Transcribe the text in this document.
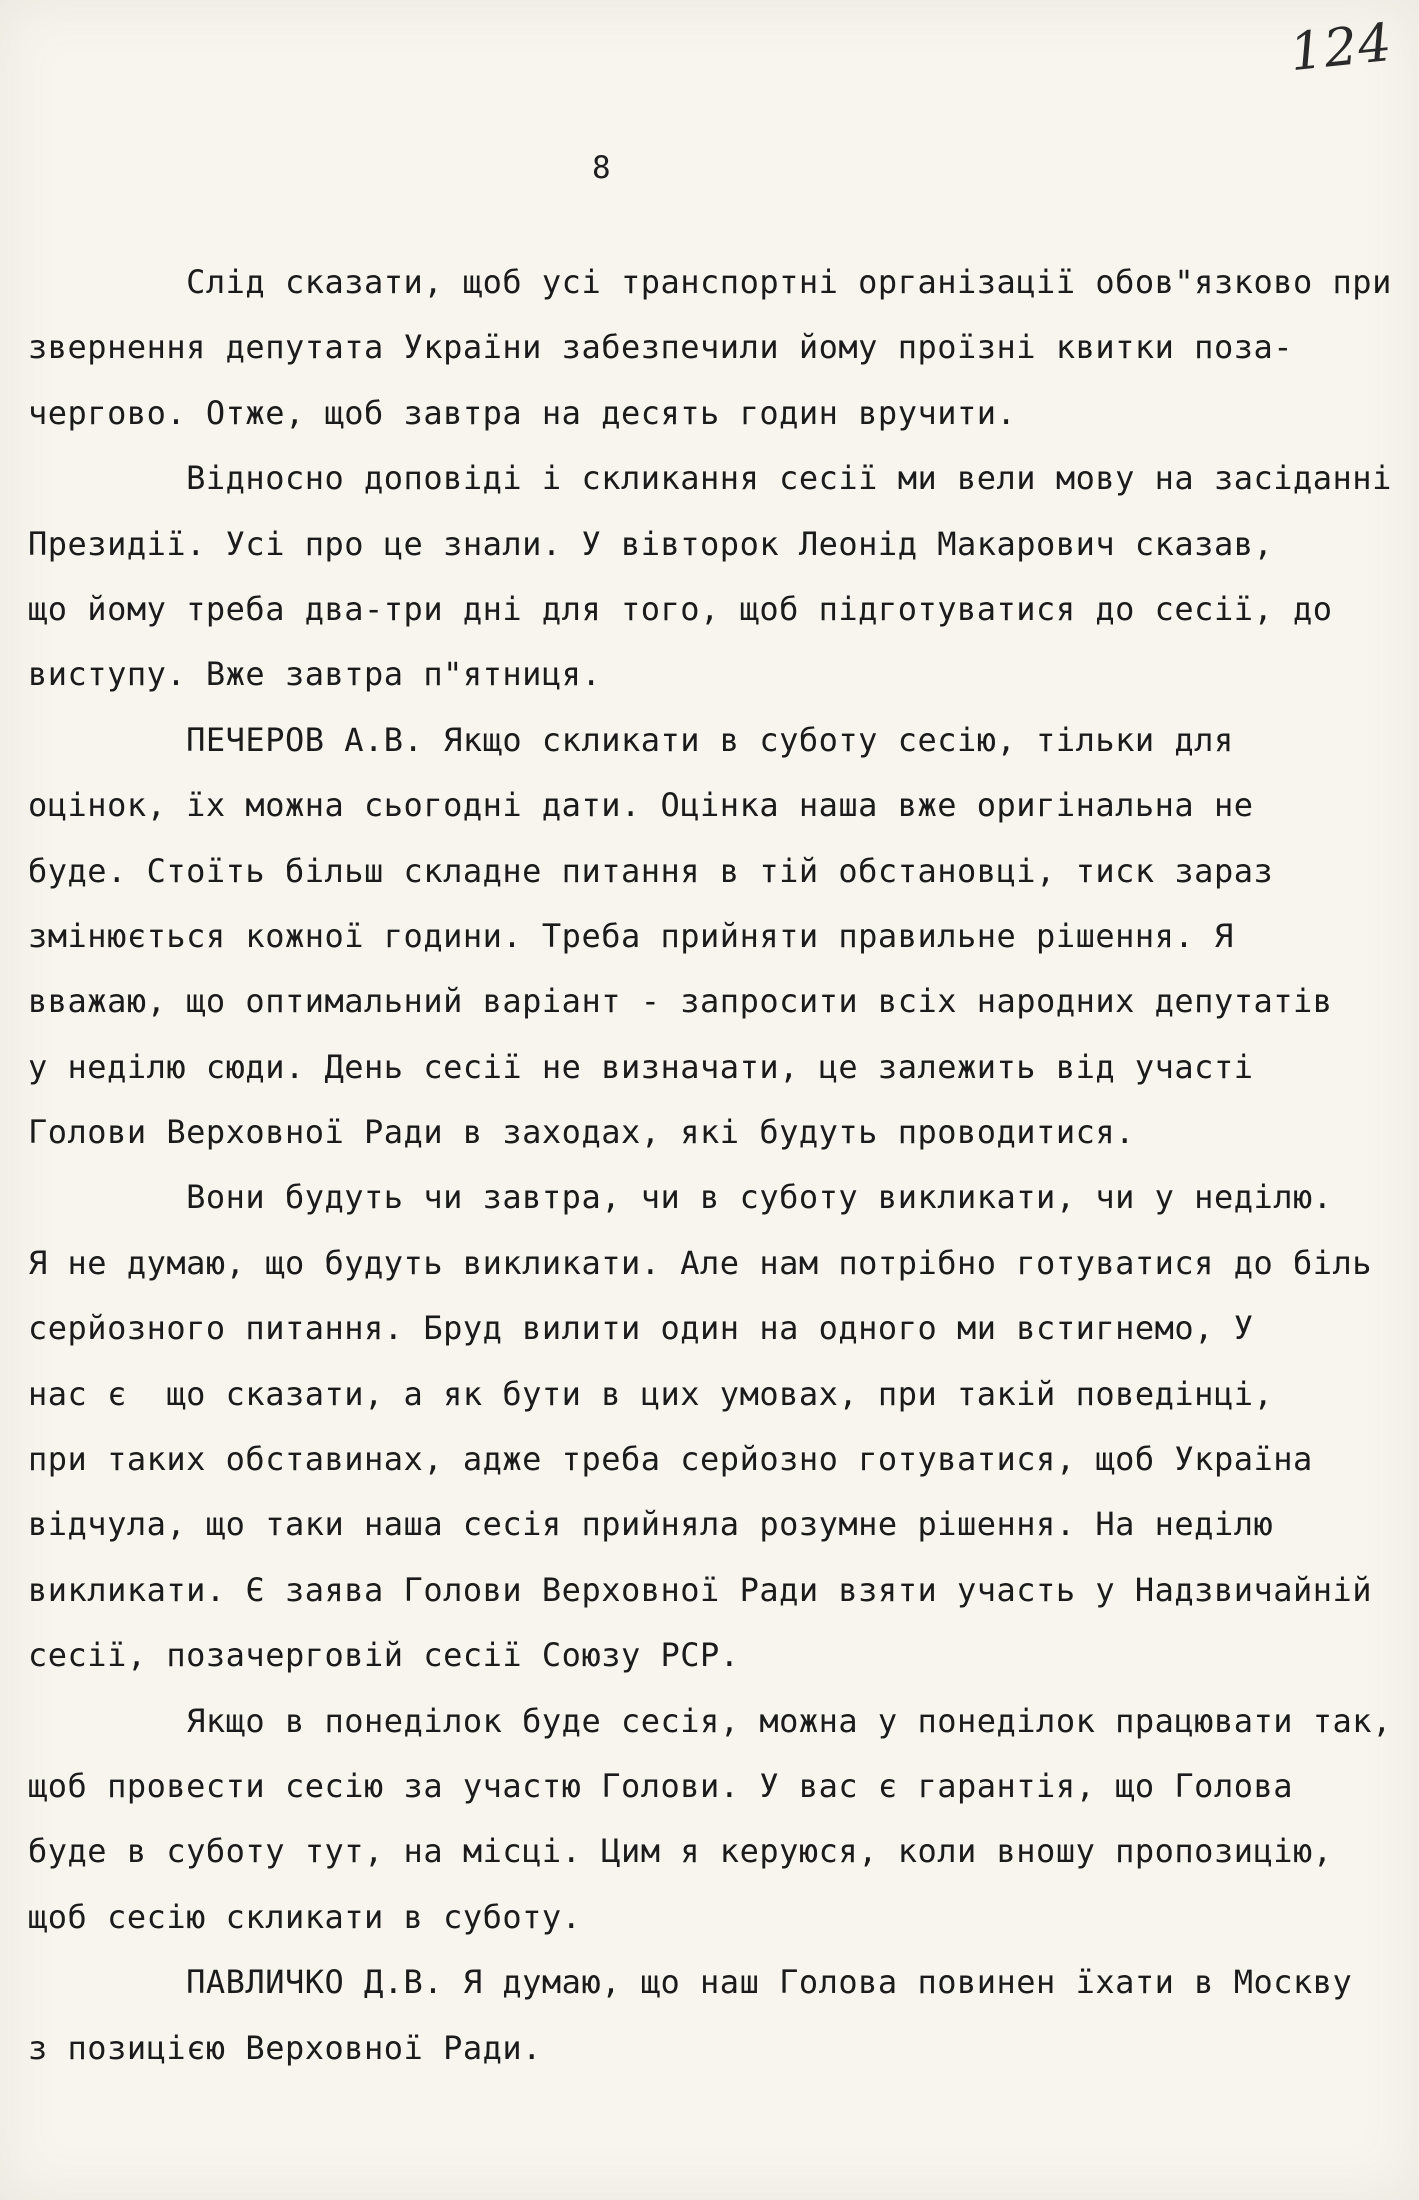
124
8
Слід сказати, щоб усі транспортні організації обов"язково при
звернення депутата України забезпечили йому проїзні квитки поза-
чергово. Отже, щоб завтра на десять годин вручити.
Відносно доповіді і скликання сесії ми вели мову на засіданні
Президії. Усі про це знали. У вівторок Леонід Макарович сказав,
що йому треба два-три дні для того, щоб підготуватися до сесії, до
виступу. Вже завтра п"ятниця.
ПЕЧЕРОВ А.В. Якщо скликати в суботу сесію, тільки для
оцінок, їх можна сьогодні дати. Оцінка наша вже оригінальна не
буде. Стоїть більш складне питання в тій обстановці, тиск зараз
змінюється кожної години. Треба прийняти правильне рішення. Я
вважаю, що оптимальний варіант - запросити всіх народних депутатів
у неділю сюди. День сесії не визначати, це залежить від участі
Голови Верховної Ради в заходах, які будуть проводитися.
Вони будуть чи завтра, чи в суботу викликати, чи у неділю.
Я не думаю, що будуть викликати. Але нам потрібно готуватися до біль
серйозного питання. Бруд вилити один на одного ми встигнемо, У
нас є  що сказати, а як бути в цих умовах, при такій поведінці,
при таких обставинах, адже треба серйозно готуватися, щоб Україна
відчула, що таки наша сесія прийняла розумне рішення. На неділю
викликати. Є заява Голови Верховної Ради взяти участь у Надзвичайній
сесії, позачерговій сесії Союзу РСР.
Якщо в понеділок буде сесія, можна у понеділок працювати так,
щоб провести сесію за участю Голови. У вас є гарантія, що Голова
буде в суботу тут, на місці. Цим я керуюся, коли вношу пропозицію,
щоб сесію скликати в суботу.
ПАВЛИЧКО Д.В. Я думаю, що наш Голова повинен їхати в Москву
з позицією Верховної Ради.
